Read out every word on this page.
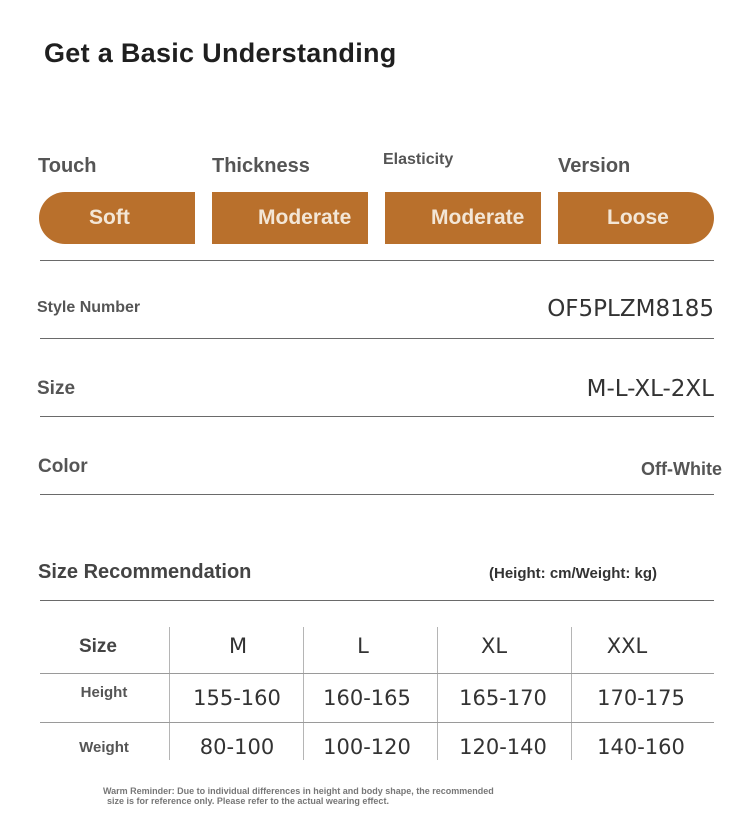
Get a Basic Understanding
Touch	Thickness	Elasticity	Version
Soft	Moderate	Moderate	Loose
Style Number	OF5PLZM8185
Size	M-L-XL-2XL
Color	Off-White
Size Recommendation	(Height: cm/Weight: kg)
Size	M	L	XL	XXL
Height	155-160	160-165	165-170	170-175
Weight	80-100	100-120	120-140	140-160
Warm Reminder: Due to individual differences in height and body shape, the recommended
size is for reference only. Please refer to the actual wearing effect.
